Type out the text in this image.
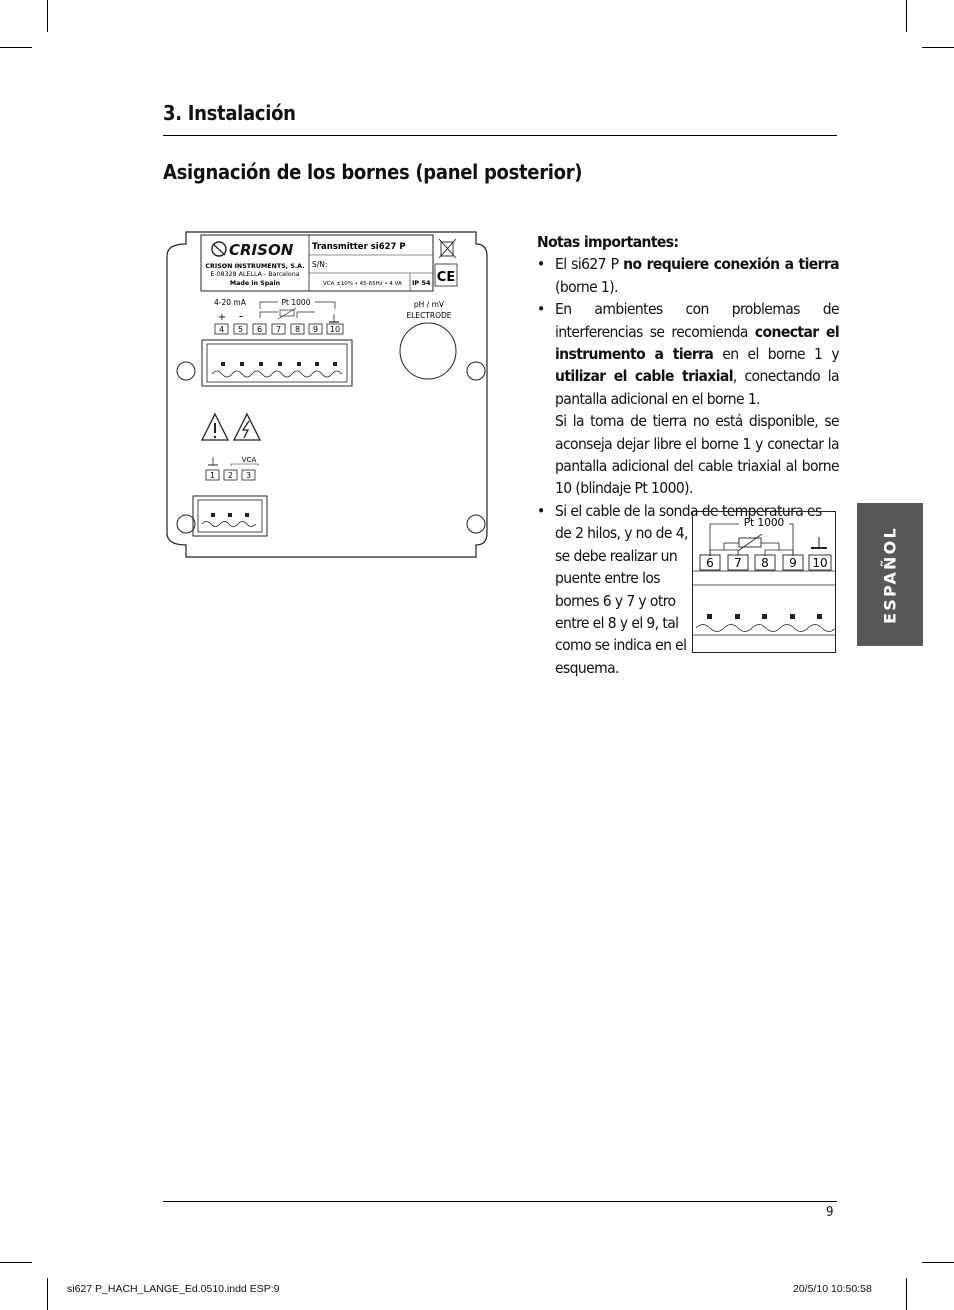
3. Instalación
Asignación de los bornes (panel posterior)
CRISON
CRISON INSTRUMENTS, S.A.
E-08328 ALELLA - Barcelona
Made in Spain
Transmitter si627 P
S/N:
VCA ±10% • 45-65Hz • 4 VA IP 54 CE
4-20 mA
+ -
Pt 1000
4 5 6 7 8 9 10
pH / mV
ELECTRODE
VCA
1 2 3

Notas importantes:

• El si627 P no requiere conexión a tierra (borne 1).
• En ambientes con problemas de interferencias se recomienda conectar el instrumento a tierra en el borne 1 y utilizar el cable triaxial, conectando la pantalla adicional en el borne 1.
Si la toma de tierra no está disponible, se aconseja dejar libre el borne 1 y conectar la pantalla adicional del cable triaxial al borne 10 (blindaje Pt 1000).
• Si el cable de la sonda de temperatura es
de 2 hilos, y no de 4, se debe realizar un puente entre los bornes 6 y 7 y otro entre el 8 y el 9, tal como se indica en el esquema.
Pt 1000
6 7 8 9 10	ESPAÑOL
9
si627 P_HACH_LANGE_Ed.0510.indd ESP:9	20/5/10 10:50:58
